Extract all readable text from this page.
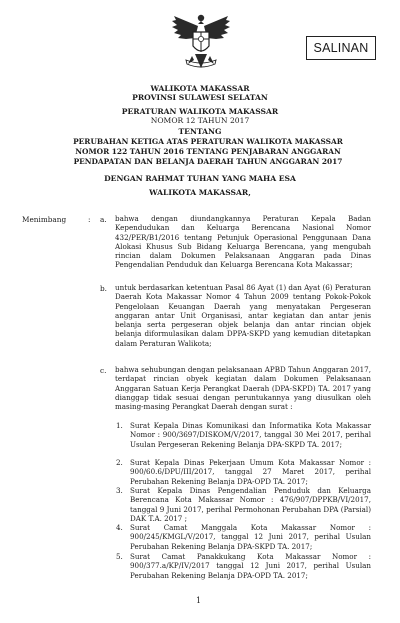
SALINAN
WALIKOTA MAKASSAR
PROVINSI SULAWESI SELATAN
PERATURAN WALIKOTA MAKASSAR
NOMOR 12 TAHUN 2017
TENTANG
PERUBAHAN KETIGA ATAS PERATURAN WALIKOTA MAKASSAR NOMOR 122 TAHUN 2016 TENTANG PENJABARAN ANGGARAN PENDAPATAN DAN BELANJA DAERAH TAHUN ANGGARAN 2017
DENGAN RAHMAT TUHAN YANG MAHA ESA
WALIKOTA MAKASSAR,
Menimbang	: a. bahwa dengan diundangkannya Peraturan Kepala Badan Kependudukan dan Keluarga Berencana Nasional Nomor 432/PER/B1/2016 tentang Petunjuk Operasional Penggunaan Dana Alokasi Khusus Sub Bidang Keluarga Berencana, yang mengubah rincian dalam Dokumen Pelaksanaan Anggaran pada Dinas Pengendalian Penduduk dan Keluarga Berencana Kota Makassar;
b. untuk berdasarkan ketentuan Pasal 86 Ayat (1) dan Ayat (6) Peraturan Daerah Kota Makassar Nomor 4 Tahun 2009 tentang Pokok-Pokok Pengelolaan Keuangan Daerah yang menyatakan Pergeseran anggaran antar Unit Organisasi, antar kegiatan dan antar jenis belanja serta pergeseran objek belanja dan antar rincian objek belanja diformulasikan dalam DPPA-SKPD yang kemudian ditetapkan dalam Peraturan Walikota;
c. bahwa sehubungan dengan pelaksanaan APBD Tahun Anggaran 2017, terdapat rincian obyek kegiatan dalam Dokumen Pelaksanaan Anggaran Satuan Kerja Perangkat Daerah (DPA-SKPD) TA. 2017 yang dianggap tidak sesuai dengan peruntukannya yang diusulkan oleh masing-masing Perangkat Daerah dengan surat :
1. Surat Kepala Dinas Komunikasi dan Informatika Kota Makassar Nomor : 900/3697/DISKOM/V/2017, tanggal 30 Mei 2017, perihal Usulan Pergeseran Rekening Belanja DPA-SKPD TA. 2017;
2. Surat Kepala Dinas Pekerjaan Umum Kota Makassar Nomor : 900/60.6/DPU/III/2017, tanggal 27 Maret 2017, perihal Perubahan Rekening Belanja DPA-OPD TA. 2017;
3. Surat Kepala Dinas Pengendalian Penduduk dan Keluarga Berencana Kota Makassar Nomor : 476/907/DPPKB/VI/2017, tanggal 9 Juni 2017, perihal Permohonan Perubahan DPA (Parsial) DAK T.A. 2017 ;
4. Surat Camat Manggala Kota Makassar Nomor : 900/245/KMGL/V/2017, tanggal 12 Juni 2017, perihal Usulan Perubahan Rekening Belanja DPA-SKPD TA. 2017;
5. Surat Camat Panakkukang Kota Makassar Nomor : 900/377.a/KP/IV/2017 tanggal 12 Juni 2017, perihal Usulan Perubahan Rekening Belanja DPA-OPD TA. 2017;
1
